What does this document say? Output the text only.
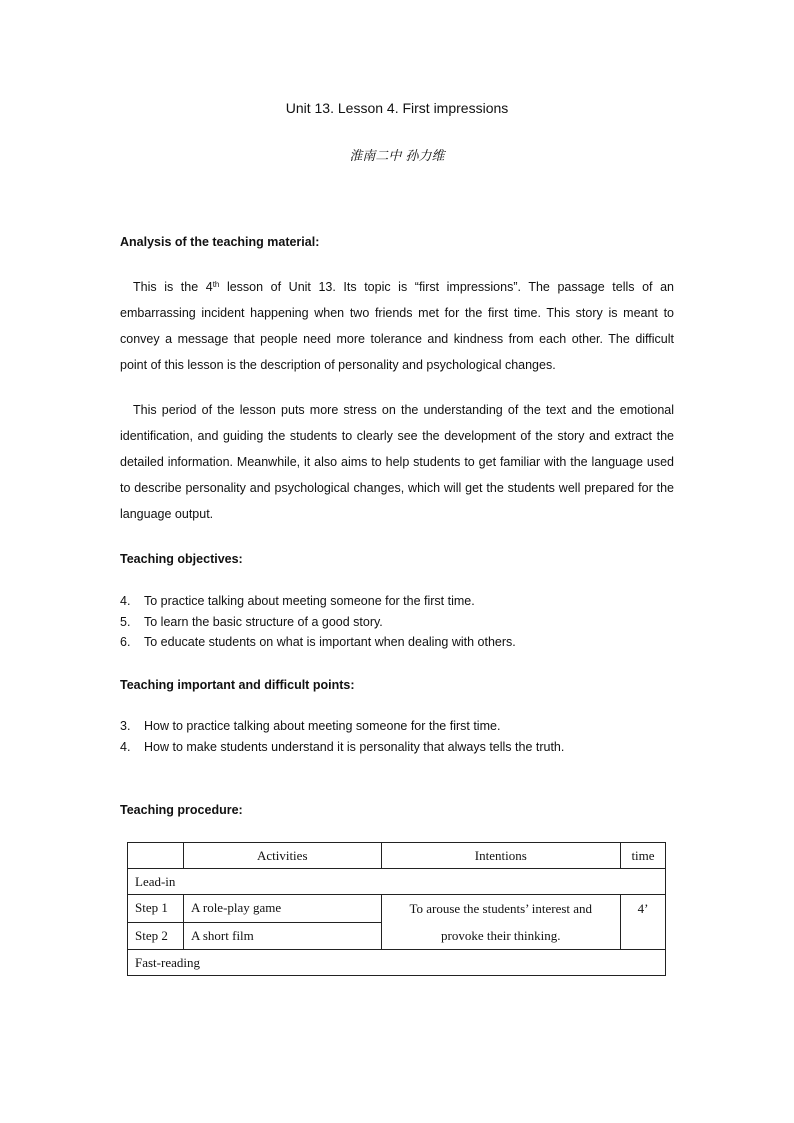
Unit 13. Lesson 4. First impressions
淮南二中 孙力维
Analysis of the teaching material:

This is the 4th lesson of Unit 13. Its topic is “first impressions”. The passage tells of an embarrassing incident happening when two friends met for the first time. This story is meant to convey a message that people need more tolerance and kindness from each other. The difficult point of this lesson is the description of personality and psychological changes.

This period of the lesson puts more stress on the understanding of the text and the emotional identification, and guiding the students to clearly see the development of the story and extract the detailed information. Meanwhile, it also aims to help students to get familiar with the language used to describe personality and psychological changes, which will get the students well prepared for the language output.

Teaching objectives:
4.	To practice talking about meeting someone for the first time.
5.	To learn the basic structure of a good story.
6.	To educate students on what is important when dealing with others.
Teaching important and difficult points:
3.	How to practice talking about meeting someone for the first time.
4.	How to make students understand it is personality that always tells the truth.
Teaching procedure:
	Activities	Intentions	time
Lead-in			
Step 1	A role-play game	To arouse the students’ interest and provoke their thinking.	4’
Step 2	A short film		
Fast-reading			
